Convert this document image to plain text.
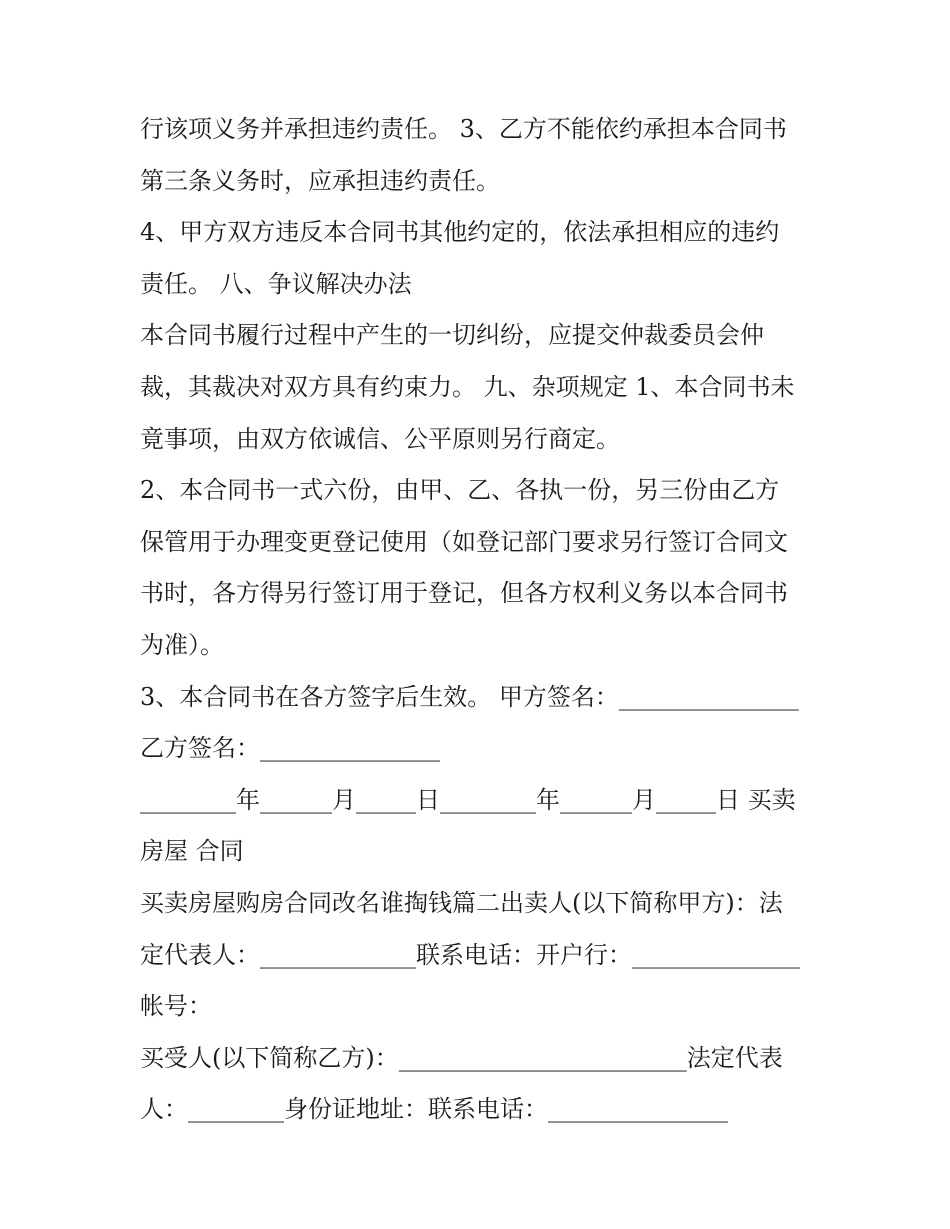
行该项义务并承担违约责任。 3、乙方不能依约承担本合同书
第三条义务时，应承担违约责任。
4、甲方双方违反本合同书其他约定的，依法承担相应的违约
责任。 八、争议解决办法
本合同书履行过程中产生的一切纠纷，应提交仲裁委员会仲
裁，其裁决对双方具有约束力。 九、杂项规定 1、本合同书未
竟事项，由双方依诚信、公平原则另行商定。
2、本合同书一式六份，由甲、乙、各执一份，另三份由乙方
保管用于办理变更登记使用（如登记部门要求另行签订合同文
书时，各方得另行签订用于登记，但各方权利义务以本合同书
为准）。
3、本合同书在各方签字后生效。 甲方签名：_______________
乙方签名：_______________
________年______月_____日________年______月_____日 买卖
房屋 合同
买卖房屋购房合同改名谁掏钱篇二出卖人(以下简称甲方)：法
定代表人：_____________联系电话：开户行：______________
帐号：
买受人(以下简称乙方)：________________________法定代表
人：________身份证地址：联系电话：_______________
